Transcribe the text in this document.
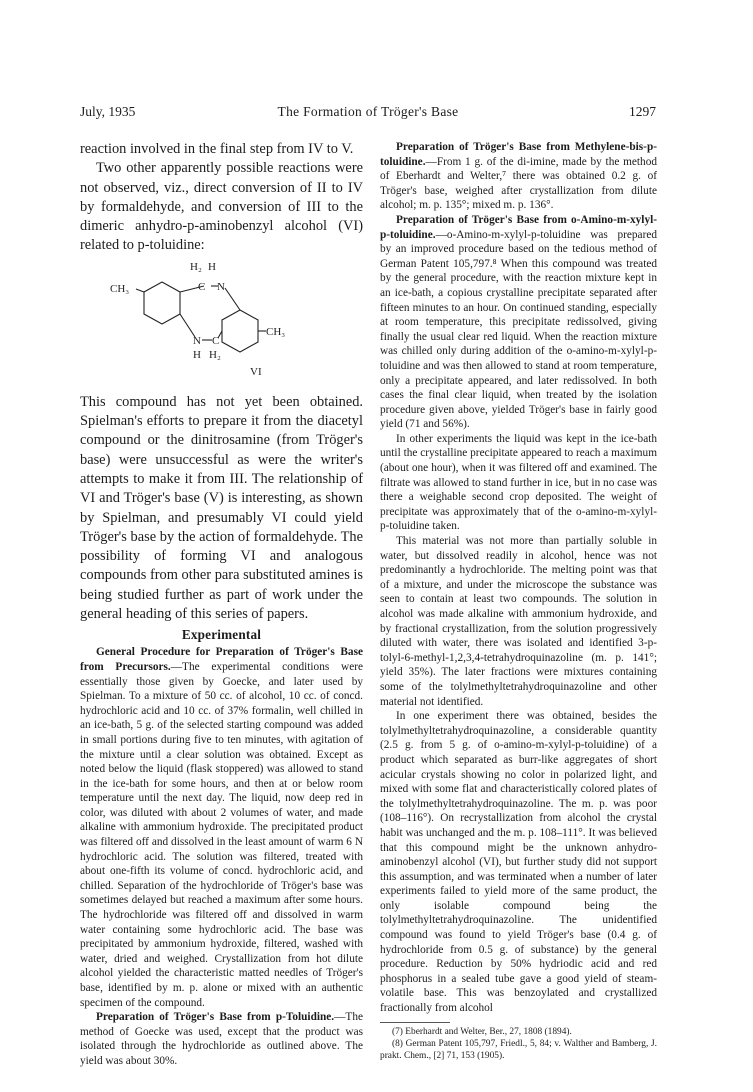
July, 1935	The Formation of Tröger's Base	1297

reaction involved in the final step from IV to V.

Two other apparently possible reactions were not observed, viz., direct conversion of II to IV by formaldehyde, and conversion of III to the dimeric anhydro-p-aminobenzyl alcohol (VI) related to p-toluidine:

H₂ H
C N
N C
H H₂
CH₃
CH₃
VI

This compound has not yet been obtained. Spielman's efforts to prepare it from the diacetyl compound or the dinitrosamine (from Tröger's base) were unsuccessful as were the writer's attempts to make it from III. The relationship of VI and Tröger's base (V) is interesting, as shown by Spielman, and presumably VI could yield Tröger's base by the action of formaldehyde. The possibility of forming VI and analogous compounds from other para substituted amines is being studied further as part of work under the general heading of this series of papers.

Experimental

General Procedure for Preparation of Tröger's Base from Precursors.—The experimental conditions were essentially those given by Goecke, and later used by Spielman. To a mixture of 50 cc. of alcohol, 10 cc. of concd. hydrochloric acid and 10 cc. of 37% formalin, well chilled in an ice-bath, 5 g. of the selected starting compound was added in small portions during five to ten minutes, with agitation of the mixture until a clear solution was obtained. Except as noted below the liquid (flask stoppered) was allowed to stand in the ice-bath for some hours, and then at or below room temperature until the next day. The liquid, now deep red in color, was diluted with about 2 volumes of water, and made alkaline with ammonium hydroxide. The precipitated product was filtered off and dissolved in the least amount of warm 6 N hydrochloric acid. The solution was filtered, treated with about one-fifth its volume of concd. hydrochloric acid, and chilled. Separation of the hydrochloride of Tröger's base was sometimes delayed but reached a maximum after some hours. The hydrochloride was filtered off and dissolved in warm water containing some hydrochloric acid. The base was precipitated by ammonium hydroxide, filtered, washed with water, dried and weighed. Crystallization from hot dilute alcohol yielded the characteristic matted needles of Tröger's base, identified by m. p. alone or mixed with an authentic specimen of the compound.

Preparation of Tröger's Base from p-Toluidine.—The method of Goecke was used, except that the product was isolated through the hydrochloride as outlined above. The yield was about 30%.

Preparation of Tröger's Base from Methylene-bis-p-toluidine.—From 1 g. of the di-imine, made by the method of Eberhardt and Welter,⁷ there was obtained 0.2 g. of Tröger's base, weighed after crystallization from dilute alcohol; m. p. 135°; mixed m. p. 136°.

Preparation of Tröger's Base from o-Amino-m-xylyl-p-toluidine.—o-Amino-m-xylyl-p-toluidine was prepared by an improved procedure based on the tedious method of German Patent 105,797.⁸ When this compound was treated by the general procedure, with the reaction mixture kept in an ice-bath, a copious crystalline precipitate separated after fifteen minutes to an hour. On continued standing, especially at room temperature, this precipitate redissolved, giving finally the usual clear red liquid. When the reaction mixture was chilled only during addition of the o-amino-m-xylyl-p-toluidine and was then allowed to stand at room temperature, only a precipitate appeared, and later redissolved. In both cases the final clear liquid, when treated by the isolation procedure given above, yielded Tröger's base in fairly good yield (71 and 56%).

In other experiments the liquid was kept in the ice-bath until the crystalline precipitate appeared to reach a maximum (about one hour), when it was filtered off and examined. The filtrate was allowed to stand further in ice, but in no case was there a weighable second crop deposited. The weight of precipitate was approximately that of the o-amino-m-xylyl-p-toluidine taken.

This material was not more than partially soluble in water, but dissolved readily in alcohol, hence was not predominantly a hydrochloride. The melting point was that of a mixture, and under the microscope the substance was seen to contain at least two compounds. The solution in alcohol was made alkaline with ammonium hydroxide, and by fractional crystallization, from the solution progressively diluted with water, there was isolated and identified 3-p-tolyl-6-methyl-1,2,3,4-tetrahydroquinazoline (m. p. 141°; yield 35%). The later fractions were mixtures containing some of the tolylmethyltetrahydroquinazoline and other material not identified.

In one experiment there was obtained, besides the tolylmethyltetrahydroquinazoline, a considerable quantity (2.5 g. from 5 g. of o-amino-m-xylyl-p-toluidine) of a product which separated as burr-like aggregates of short acicular crystals showing no color in polarized light, and mixed with some flat and characteristically colored plates of the tolylmethyltetrahydroquinazoline. The m. p. was poor (108–116°). On recrystallization from alcohol the crystal habit was unchanged and the m. p. 108–111°. It was believed that this compound might be the unknown anhydro-aminobenzyl alcohol (VI), but further study did not support this assumption, and was terminated when a number of later experiments failed to yield more of the same product, the only isolable compound being the tolylmethyltetrahydroquinazoline. The unidentified compound was found to yield Tröger's base (0.4 g. of hydrochloride from 0.5 g. of substance) by the general procedure. Reduction by 50% hydriodic acid and red phosphorus in a sealed tube gave a good yield of steam-volatile base. This was benzoylated and crystallized fractionally from alcohol

(7) Eberhardt and Welter, Ber., 27, 1808 (1894).

(8) German Patent 105,797, Friedl., 5, 84; v. Walther and Bamberg, J. prakt. Chem., [2] 71, 153 (1905).
